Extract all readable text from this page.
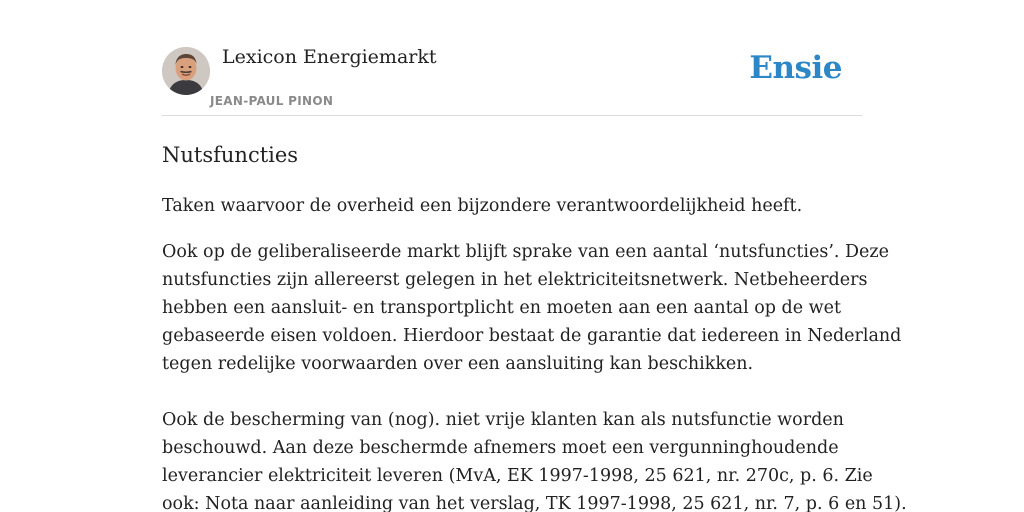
Lexicon Energiemarkt
JEAN-PAUL PINON
Ensie
Nutsfuncties

Taken waarvoor de overheid een bijzondere verantwoordelijkheid heeft.

Ook op de geliberaliseerde markt blijft sprake van een aantal ‘nutsfuncties’. Deze
nutsfuncties zijn allereerst gelegen in het elektriciteitsnetwerk. Netbeheerders
hebben een aansluit- en transportplicht en moeten aan een aantal op de wet
gebaseerde eisen voldoen. Hierdoor bestaat de garantie dat iedereen in Nederland
tegen redelijke voorwaarden over een aansluiting kan beschikken.
Ook de bescherming van (nog). niet vrije klanten kan als nutsfunctie worden
beschouwd. Aan deze beschermde afnemers moet een vergunninghoudende
leverancier elektriciteit leveren (MvA, EK 1997-1998, 25 621, nr. 270c, p. 6. Zie
ook: Nota naar aanleiding van het verslag, TK 1997-1998, 25 621, nr. 7, p. 6 en 51).
